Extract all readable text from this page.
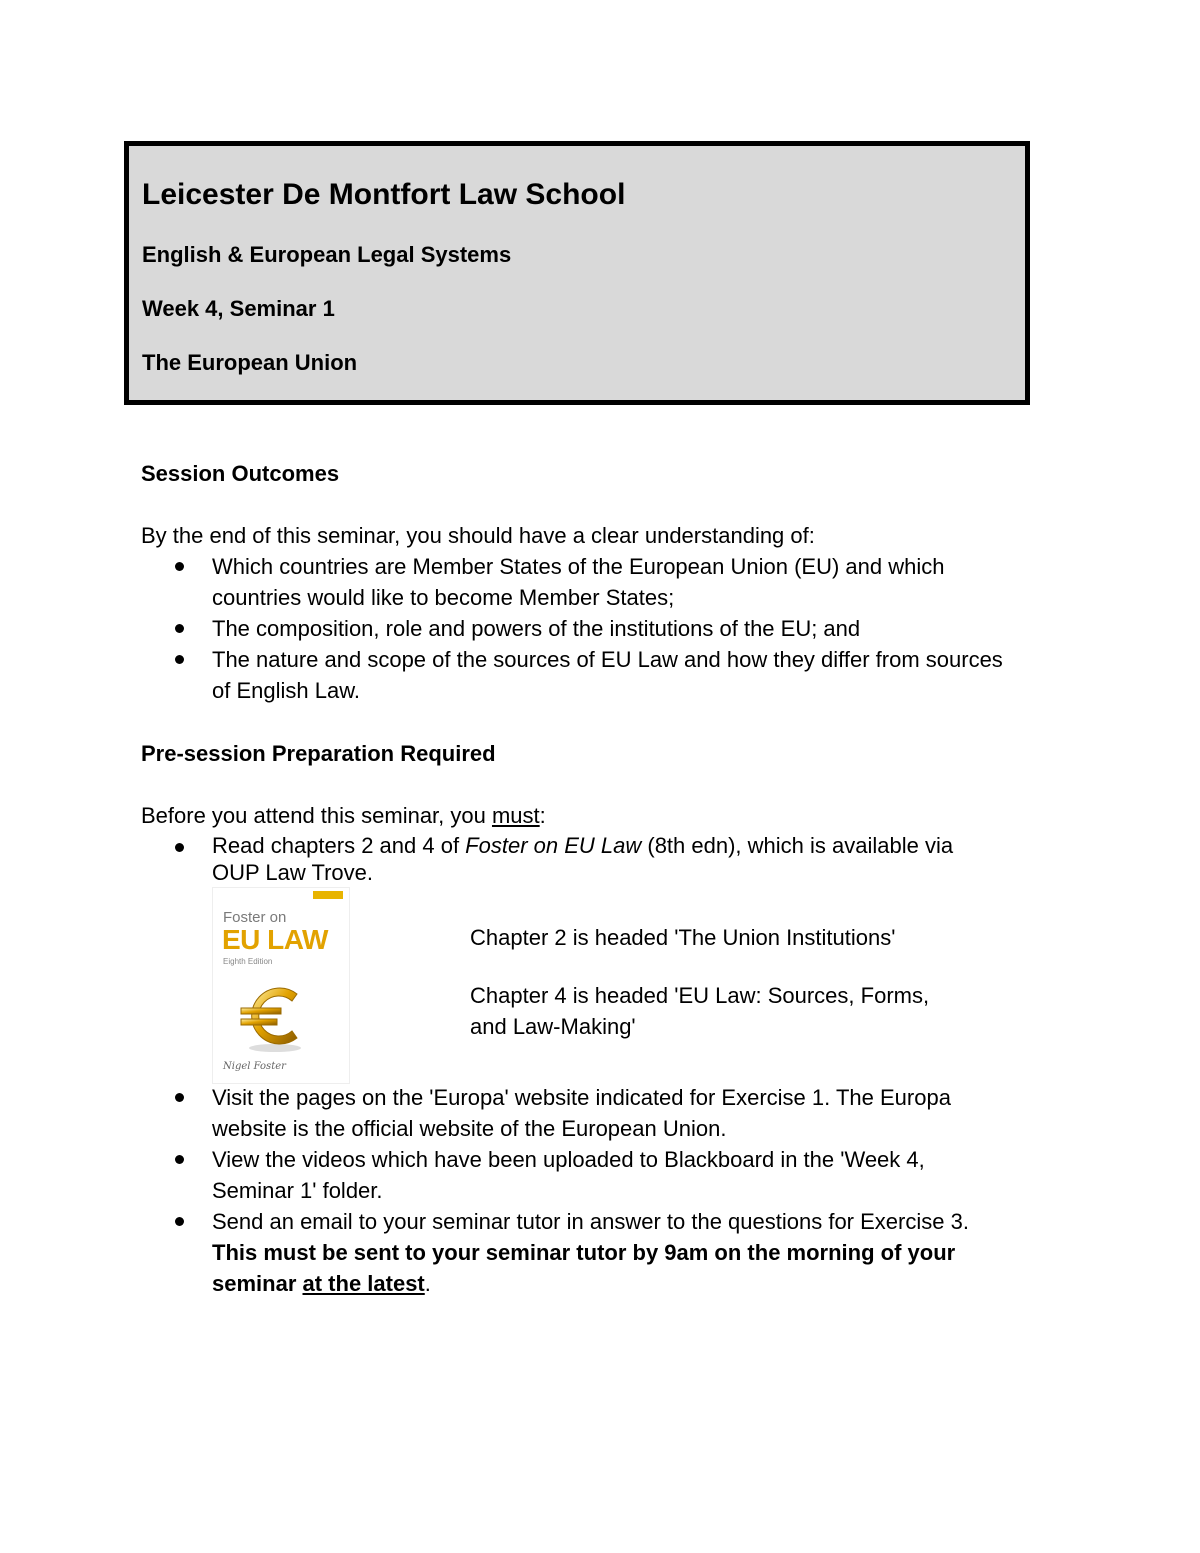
Leicester De Montfort Law School
English & European Legal Systems
Week 4, Seminar 1
The European Union
Session Outcomes
By the end of this seminar, you should have a clear understanding of:
Which countries are Member States of the European Union (EU) and which
countries would like to become Member States;
The composition, role and powers of the institutions of the EU; and
The nature and scope of the sources of EU Law and how they differ from sources
of English Law.
Pre-session Preparation Required
Before you attend this seminar, you must:
Read chapters 2 and 4 of Foster on EU Law (8th edn), which is available via
OUP Law Trove.
Foster on
EU LAW
Eighth Edition
Nigel Foster
Chapter 2 is headed 'The Union Institutions'
Chapter 4 is headed 'EU Law: Sources, Forms,
and Law-Making'
Visit the pages on the 'Europa' website indicated for Exercise 1. The Europa
website is the official website of the European Union.
View the videos which have been uploaded to Blackboard in the 'Week 4,
Seminar 1' folder.
Send an email to your seminar tutor in answer to the questions for Exercise 3.
This must be sent to your seminar tutor by 9am on the morning of your
seminar at the latest.
